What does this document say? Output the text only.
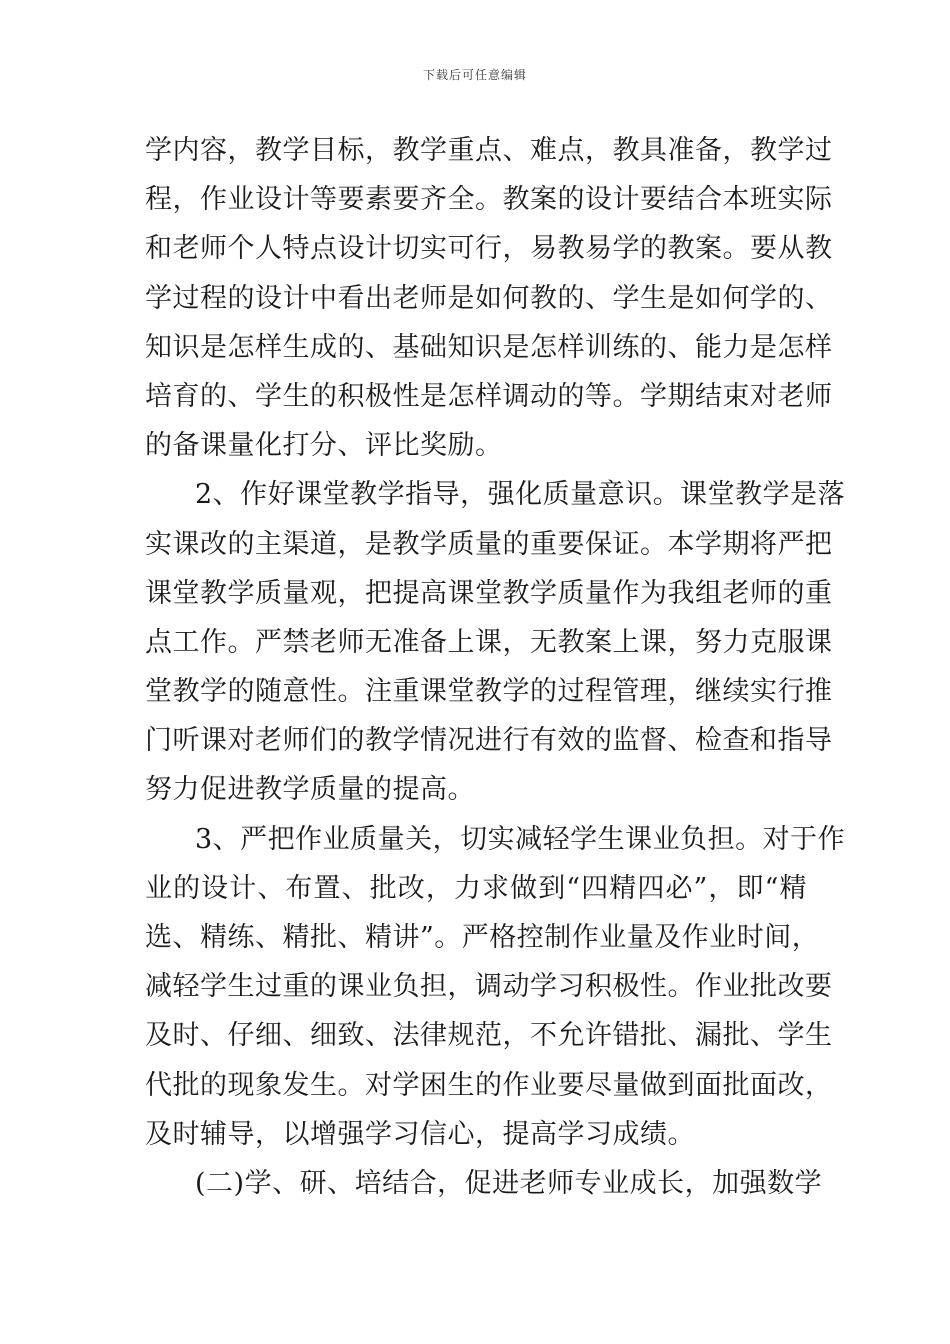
下载后可任意编辑
学内容，教学目标，教学重点、难点，教具准备，教学过
程，作业设计等要素要齐全。教案的设计要结合本班实际
和老师个人特点设计切实可行，易教易学的教案。要从教
学过程的设计中看出老师是如何教的、学生是如何学的、
知识是怎样生成的、基础知识是怎样训练的、能力是怎样
培育的、学生的积极性是怎样调动的等。学期结束对老师
的备课量化打分、评比奖励。
2、作好课堂教学指导，强化质量意识。课堂教学是落
实课改的主渠道，是教学质量的重要保证。本学期将严把
课堂教学质量观，把提高课堂教学质量作为我组老师的重
点工作。严禁老师无准备上课，无教案上课，努力克服课
堂教学的随意性。注重课堂教学的过程管理，继续实行推
门听课对老师们的教学情况进行有效的监督、检查和指导
努力促进教学质量的提高。
3、严把作业质量关，切实减轻学生课业负担。对于作
业的设计、布置、批改，力求做到“四精四必”，即“精
选、精练、精批、精讲”。严格控制作业量及作业时间，
减轻学生过重的课业负担，调动学习积极性。作业批改要
及时、仔细、细致、法律规范，不允许错批、漏批、学生
代批的现象发生。对学困生的作业要尽量做到面批面改，
及时辅导，以增强学习信心，提高学习成绩。
(二)学、研、培结合，促进老师专业成长，加强数学
